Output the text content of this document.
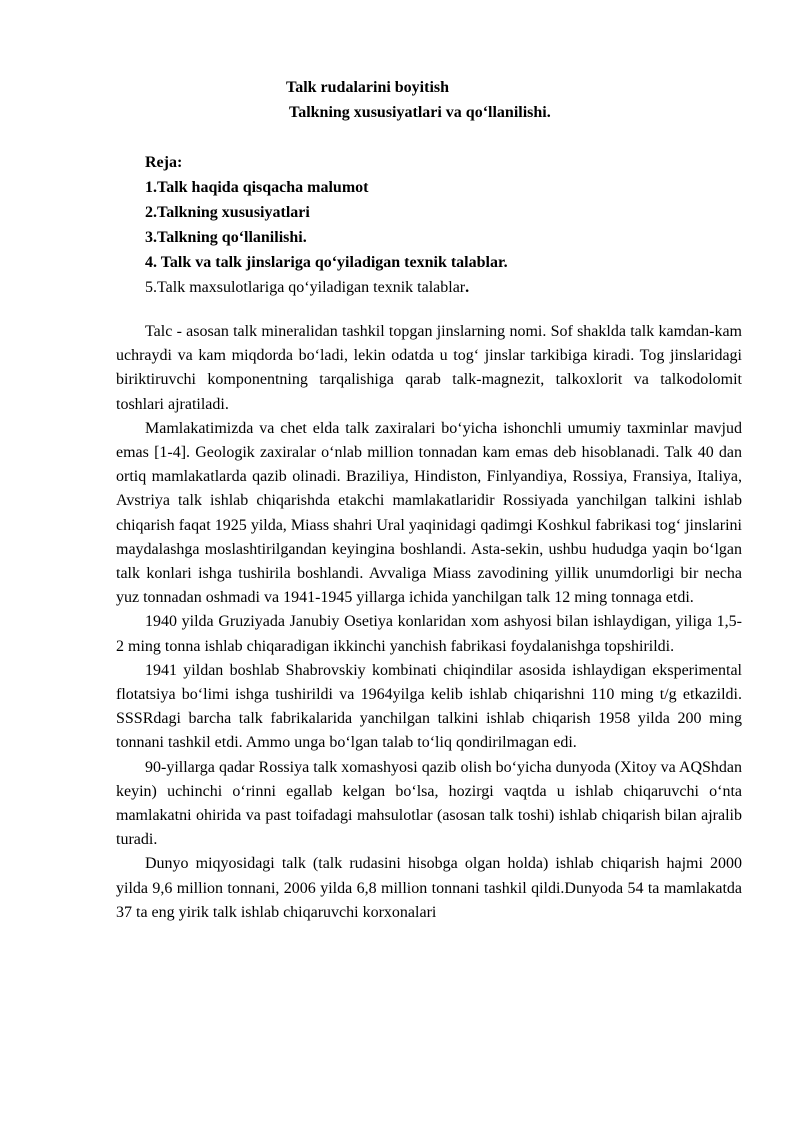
Talk rudalarini boyitish
Talkning xususiyatlari va qo‘llanilishi.
Reja:
1.Talk haqida qisqacha malumot
2.Talkning xususiyatlari
3.Talkning qo‘llanilishi.
4. Talk va talk jinslariga qo‘yiladigan texnik talablar.
5.Talk maxsulotlariga qo‘yiladigan texnik talablar.

Talc - asosan talk mineralidan tashkil topgan jinslarning nomi. Sof shaklda talk kamdan-kam uchraydi va kam miqdorda bo‘ladi, lekin odatda u tog‘ jinslar tarkibiga kiradi. Tog jinslaridagi biriktiruvchi komponentning tarqalishiga qarab talk-magnezit, talkoxlorit va talkodolomit toshlari ajratiladi.

Mamlakatimizda va chet elda talk zaxiralari bo‘yicha ishonchli umumiy taxminlar mavjud emas [1-4]. Geologik zaxiralar o‘nlab million tonnadan kam emas deb hisoblanadi. Talk 40 dan ortiq mamlakatlarda qazib olinadi. Braziliya, Hindiston, Finlyandiya, Rossiya, Fransiya, Italiya, Avstriya talk ishlab chiqarishda etakchi mamlakatlaridir Rossiyada yanchilgan talkini ishlab chiqarish faqat 1925 yilda, Miass shahri Ural yaqinidagi qadimgi Koshkul fabrikasi tog‘ jinslarini maydalashga moslashtirilgandan keyingina boshlandi. Asta-sekin, ushbu hududga yaqin bo‘lgan talk konlari ishga tushirila boshlandi. Avvaliga Miass zavodining yillik unumdorligi bir necha yuz tonnadan oshmadi va 1941-1945 yillarga ichida yanchilgan talk 12 ming tonnaga etdi.

1940 yilda Gruziyada Janubiy Osetiya konlaridan xom ashyosi bilan ishlaydigan, yiliga 1,5-2 ming tonna ishlab chiqaradigan ikkinchi yanchish fabrikasi foydalanishga topshirildi.

1941 yildan boshlab Shabrovskiy kombinati chiqindilar asosida ishlaydigan eksperimental flotatsiya bo‘limi ishga tushirildi va 1964yilga kelib ishlab chiqarishni 110 ming t/g etkazildi. SSSRdagi barcha talk fabrikalarida yanchilgan talkini ishlab chiqarish 1958 yilda 200 ming tonnani tashkil etdi. Ammo unga bo‘lgan talab to‘liq qondirilmagan edi.

90-yillarga qadar Rossiya talk xomashyosi qazib olish bo‘yicha dunyoda (Xitoy va AQShdan keyin) uchinchi o‘rinni egallab kelgan bo‘lsa, hozirgi vaqtda u ishlab chiqaruvchi o‘nta mamlakatni ohirida va past toifadagi mahsulotlar (asosan talk toshi) ishlab chiqarish bilan ajralib turadi.

Dunyo miqyosidagi talk (talk rudasini hisobga olgan holda) ishlab chiqarish hajmi 2000 yilda 9,6 million tonnani, 2006 yilda 6,8 million tonnani tashkil qildi.Dunyoda 54 ta mamlakatda 37 ta eng yirik talk ishlab chiqaruvchi korxonalari
